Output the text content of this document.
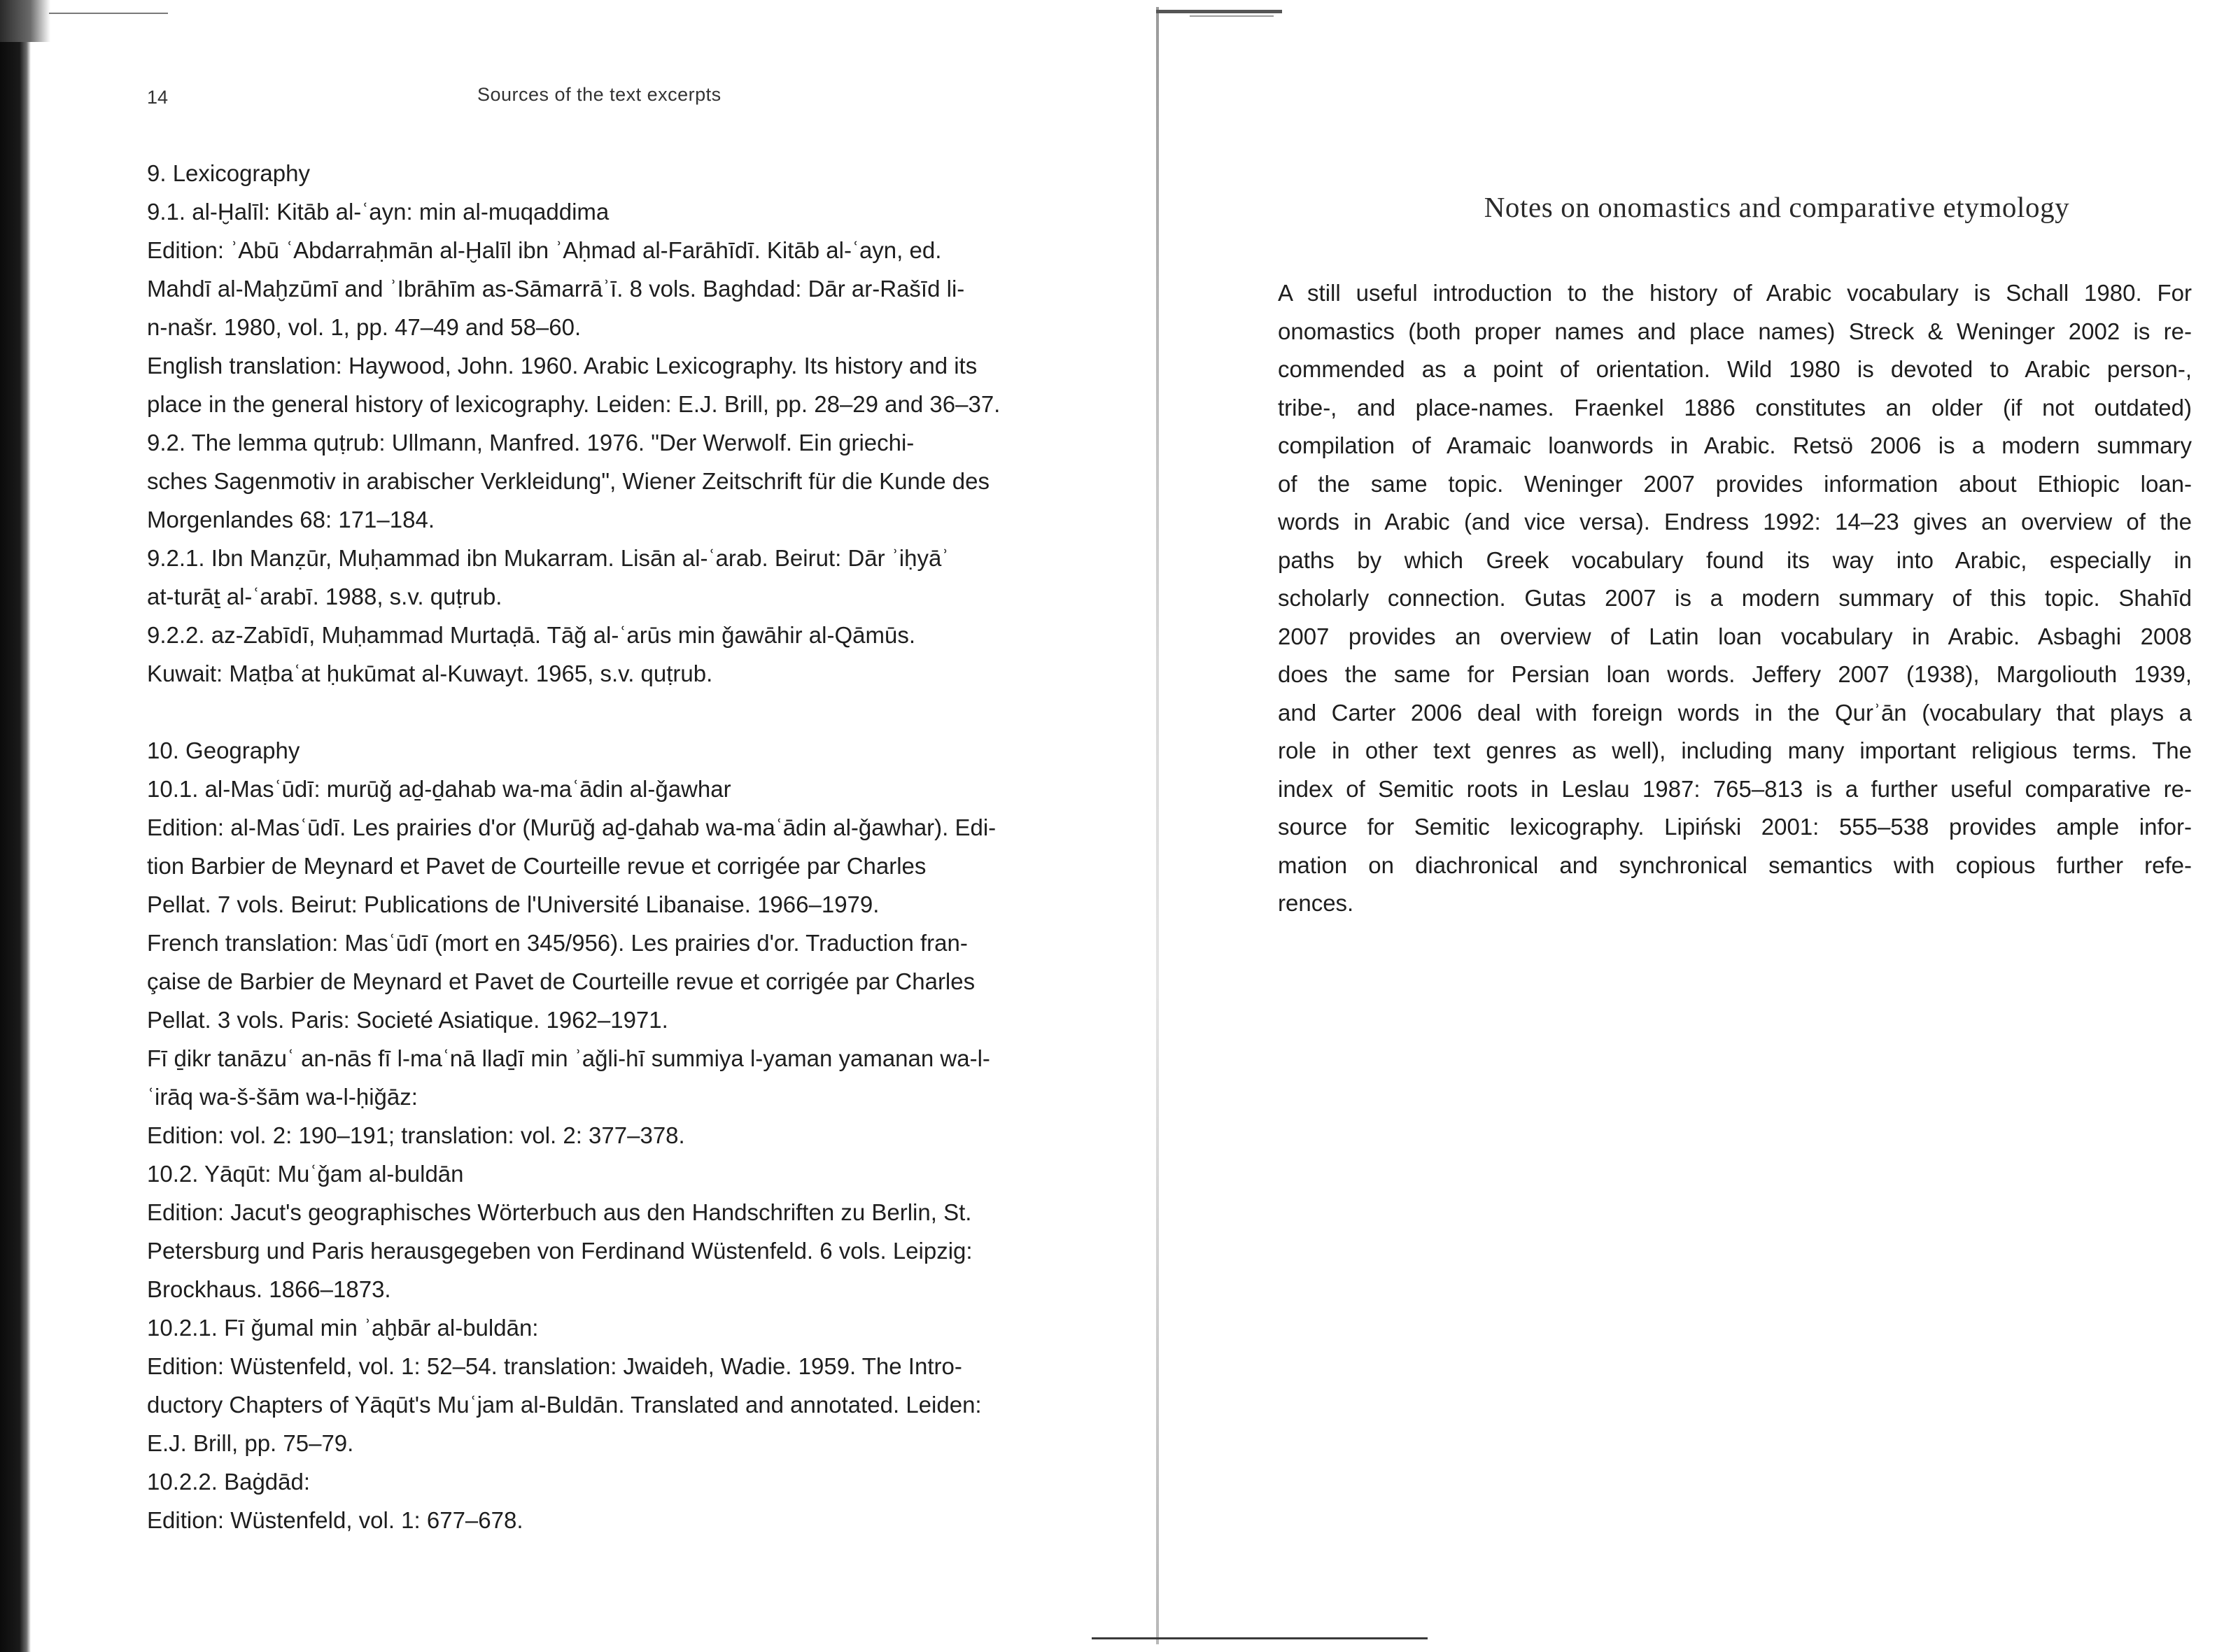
14	Sources of the text excerpts
9. Lexicography
9.1. al-Ḫalīl: Kitāb al-ʿayn: min al-muqaddima
Edition: ʾAbū ʿAbdarraḥmān al-Ḫalīl ibn ʾAḥmad al-Farāhīdī. Kitāb al-ʿayn, ed.
Mahdī al-Maḫzūmī and ʾIbrāhīm as-Sāmarrāʾī. 8 vols. Baghdad: Dār ar-Rašīd li-
n-našr. 1980, vol. 1, pp. 47–49 and 58–60.
English translation: Haywood, John. 1960. Arabic Lexicography. Its history and its
place in the general history of lexicography. Leiden: E.J. Brill, pp. 28–29 and 36–37.
9.2. The lemma quṭrub: Ullmann, Manfred. 1976. "Der Werwolf. Ein griechi-
sches Sagenmotiv in arabischer Verkleidung", Wiener Zeitschrift für die Kunde des
Morgenlandes 68: 171–184.
9.2.1. Ibn Manẓūr, Muḥammad ibn Mukarram. Lisān al-ʿarab. Beirut: Dār ʾiḥyāʾ
at-turāṯ al-ʿarabī. 1988, s.v. quṭrub.
9.2.2. az-Zabīdī, Muḥammad Murtaḍā. Tāǧ al-ʿarūs min ǧawāhir al-Qāmūs.
Kuwait: Maṭbaʿat ḥukūmat al-Kuwayt. 1965, s.v. quṭrub.
10. Geography
10.1. al-Masʿūdī: murūǧ aḏ-ḏahab wa-maʿādin al-ǧawhar
Edition: al-Masʿūdī. Les prairies d'or (Murūǧ aḏ-ḏahab wa-maʿādin al-ǧawhar). Edi-
tion Barbier de Meynard et Pavet de Courteille revue et corrigée par Charles
Pellat. 7 vols. Beirut: Publications de l'Université Libanaise. 1966–1979.
French translation: Masʿūdī (mort en 345/956). Les prairies d'or. Traduction fran-
çaise de Barbier de Meynard et Pavet de Courteille revue et corrigée par Charles
Pellat. 3 vols. Paris: Societé Asiatique. 1962–1971.
Fī ḏikr tanāzuʿ an-nās fī l-maʿnā llaḏī min ʾaǧli-hī summiya l-yaman yamanan wa-l-
ʿirāq wa-š-šām wa-l-ḥiǧāz:
Edition: vol. 2: 190–191; translation: vol. 2: 377–378.
10.2. Yāqūt: Muʿǧam al-buldān
Edition: Jacut's geographisches Wörterbuch aus den Handschriften zu Berlin, St.
Petersburg und Paris herausgegeben von Ferdinand Wüstenfeld. 6 vols. Leipzig:
Brockhaus. 1866–1873.
10.2.1. Fī ǧumal min ʾaḫbār al-buldān:
Edition: Wüstenfeld, vol. 1: 52–54. translation: Jwaideh, Wadie. 1959. The Intro-
ductory Chapters of Yāqūt's Muʿjam al-Buldān. Translated and annotated. Leiden:
E.J. Brill, pp. 75–79.
10.2.2. Baġdād:
Edition: Wüstenfeld, vol. 1: 677–678.
Notes on onomastics and comparative etymology
A still useful introduction to the history of Arabic vocabulary is Schall 1980. For
onomastics (both proper names and place names) Streck & Weninger 2002 is re-
commended as a point of orientation. Wild 1980 is devoted to Arabic person-,
tribe-, and place-names. Fraenkel 1886 constitutes an older (if not outdated)
compilation of Aramaic loanwords in Arabic. Retsö 2006 is a modern summary
of the same topic. Weninger 2007 provides information about Ethiopic loan-
words in Arabic (and vice versa). Endress 1992: 14–23 gives an overview of the
paths by which Greek vocabulary found its way into Arabic, especially in
scholarly connection. Gutas 2007 is a modern summary of this topic. Shahīd
2007 provides an overview of Latin loan vocabulary in Arabic. Asbaghi 2008
does the same for Persian loan words. Jeffery 2007 (1938), Margoliouth 1939,
and Carter 2006 deal with foreign words in the Qurʾān (vocabulary that plays a
role in other text genres as well), including many important religious terms. The
index of Semitic roots in Leslau 1987: 765–813 is a further useful comparative re-
source for Semitic lexicography. Lipiński 2001: 555–538 provides ample infor-
mation on diachronical and synchronical semantics with copious further refe-
rences.
